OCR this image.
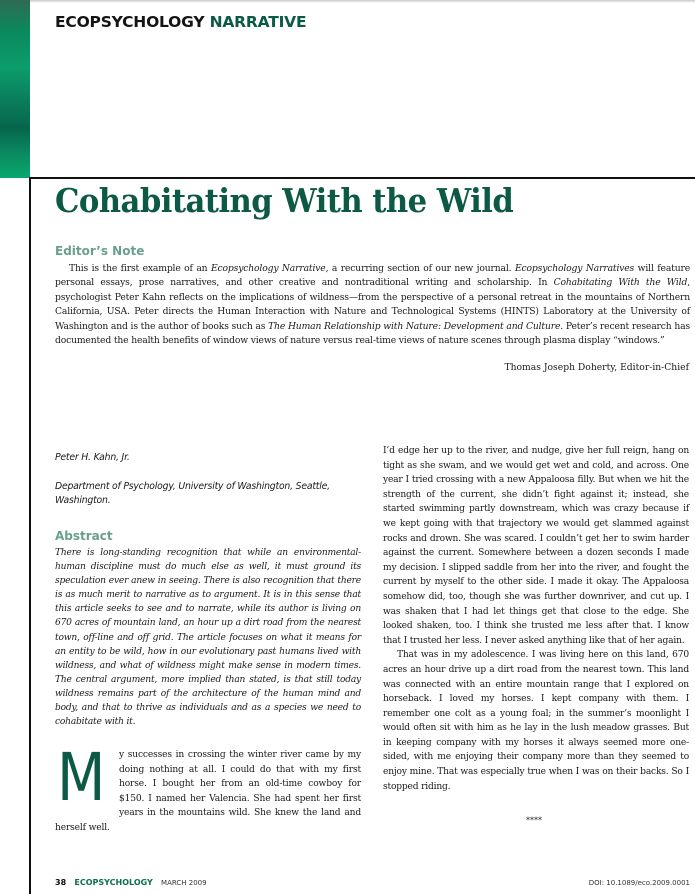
ECOPSYCHOLOGY NARRATIVE
Cohabitating With the Wild
Editor’s Note

This is the first example of an Ecopsychology Narrative, a recurring section of our new journal. Ecopsychology Narratives will feature personal essays, prose narratives, and other creative and nontraditional writing and scholarship. In Cohabitating With the Wild, psychologist Peter Kahn reflects on the implications of wildness—from the perspective of a personal retreat in the mountains of Northern California, USA. Peter directs the Human Interaction with Nature and Technological Systems (HINTS) Laboratory at the University of Washington and is the author of books such as The Human Relationship with Nature: Development and Culture. Peter’s recent research has documented the health benefits of window views of nature versus real-time views of nature scenes through plasma display “windows.”

Thomas Joseph Doherty, Editor-in-Chief
Peter H. Kahn, Jr.
Department of Psychology, University of Washington, Seattle, Washington.
Abstract

There is long-standing recognition that while an environmental-human discipline must do much else as well, it must ground its speculation ever anew in seeing. There is also recognition that there is as much merit to narrative as to argument. It is in this sense that this article seeks to see and to narrate, while its author is living on 670 acres of mountain land, an hour up a dirt road from the nearest town, off-line and off grid. The article focuses on what it means for an entity to be wild, how in our evolutionary past humans lived with wildness, and what of wildness might make sense in modern times. The central argument, more implied than stated, is that still today wildness remains part of the architecture of the human mind and body, and that to thrive as individuals and as a species we need to cohabitate with it.

M y successes in crossing the winter river came by my doing nothing at all. I could do that with my first horse. I bought her from an old-time cowboy for $150. I named her Valencia. She had spent her first years in the mountains wild. She knew the land and herself well.

I’d edge her up to the river, and nudge, give her full reign, hang on tight as she swam, and we would get wet and cold, and across. One year I tried crossing with a new Appaloosa filly. But when we hit the strength of the current, she didn’t fight against it; instead, she started swimming partly downstream, which was crazy because if we kept going with that trajectory we would get slammed against rocks and drown. She was scared. I couldn’t get her to swim harder against the current. Somewhere between a dozen seconds I made my decision. I slipped saddle from her into the river, and fought the current by myself to the other side. I made it okay. The Appaloosa somehow did, too, though she was further downriver, and cut up. I was shaken that I had let things get that close to the edge. She looked shaken, too. I think she trusted me less after that. I know that I trusted her less. I never asked anything like that of her again.

That was in my adolescence. I was living here on this land, 670 acres an hour drive up a dirt road from the nearest town. This land was connected with an entire mountain range that I explored on horseback. I loved my horses. I kept company with them. I remember one colt as a young foal; in the summer’s moonlight I would often sit with him as he lay in the lush meadow grasses. But in keeping company with my horses it always seemed more one-sided, with me enjoying their company more than they seemed to enjoy mine. That was especially true when I was on their backs. So I stopped riding.

****
38 ECOPSYCHOLOGY MARCH 2009	DOI: 10.1089/eco.2009.0001
